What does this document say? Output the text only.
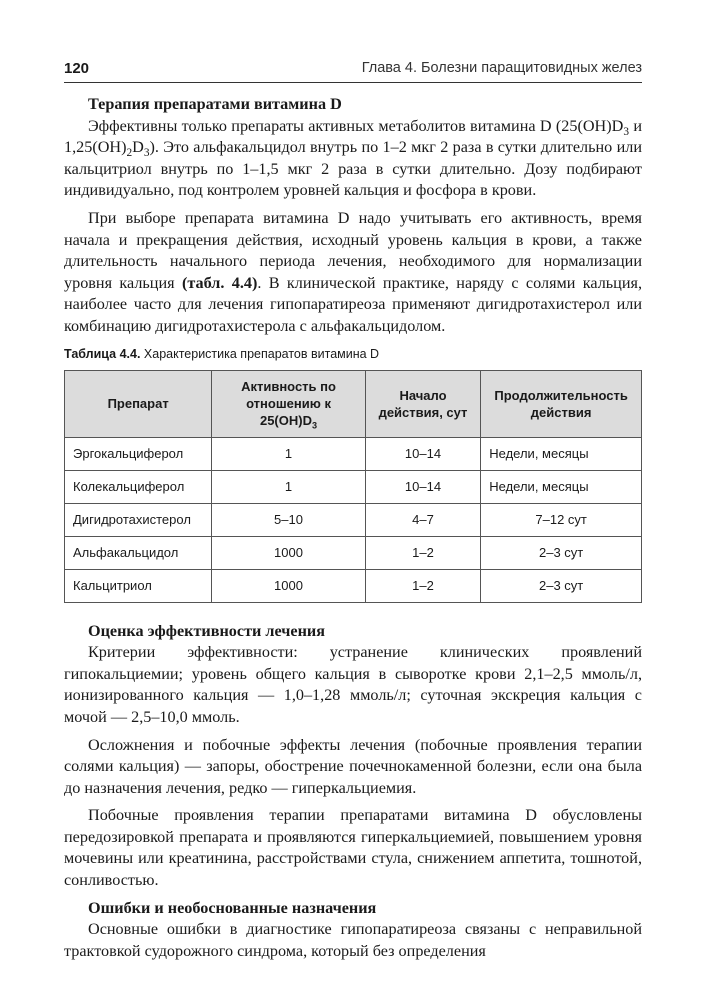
120	Глава 4. Болезни паращитовидных желез
Терапия препаратами витамина D

Эффективны только препараты активных метаболитов витамина D ($25(OH)D_3$ и $1,25(OH)_2D_3$). Это альфакальцидол внутрь по 1–2 мкг 2 раза в сутки длительно или кальцитриол внутрь по 1–1,5 мкг 2 раза в сутки длительно. Дозу подбирают индивидуально, под контролем уровней кальция и фосфора в крови.

При выборе препарата витамина D надо учитывать его активность, время начала и прекращения действия, исходный уровень кальция в крови, а также длительность начального периода лечения, необходимого для нормализации уровня кальция (табл. 4.4). В клинической практике, наряду с солями кальция, наиболее часто для лечения гипопаратиреоза применяют дигидротахистерол или комбинацию дигидротахистерола с альфакальцидолом.

Таблица 4.4. Характеристика препаратов витамина D
Препарат	Активность по отношению к $25(OH)D_3$	Начало действия, сут	Продолжительность действия
Эргокальциферол	1	10–14	Недели, месяцы
Колекальциферол	1	10–14	Недели, месяцы
Дигидротахистерол	5–10	4–7	7–12 сут
Альфакальцидол	1000	1–2	2–3 сут
Кальцитриол	1000	1–2	2–3 сут
Оценка эффективности лечения

Критерии эффективности: устранение клинических проявлений гипокальциемии; уровень общего кальция в сыворотке крови 2,1–2,5 ммоль/л, ионизированного кальция — 1,0–1,28 ммоль/л; суточная экскреция кальция с мочой — 2,5–10,0 ммоль.

Осложнения и побочные эффекты лечения (побочные проявления терапии солями кальция) — запоры, обострение почечнокаменной болезни, если она была до назначения лечения, редко — гиперкальциемия.

Побочные проявления терапии препаратами витамина D обусловлены передозировкой препарата и проявляются гиперкальциемией, повышением уровня мочевины или креатинина, расстройствами стула, снижением аппетита, тошнотой, сонливостью.

Ошибки и необоснованные назначения

Основные ошибки в диагностике гипопаратиреоза связаны с неправильной трактовкой судорожного синдрома, который без определения
